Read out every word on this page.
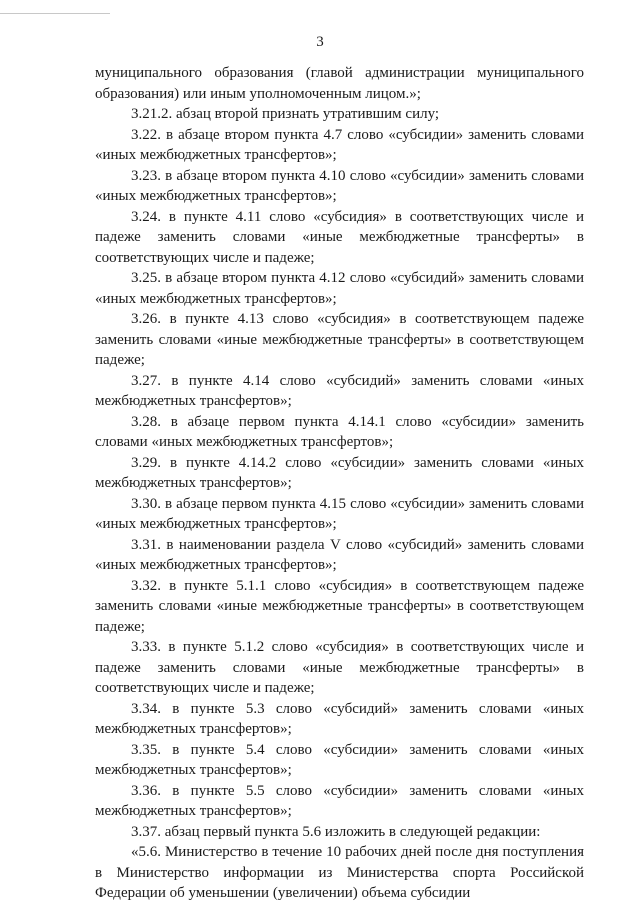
3

муниципального образования (главой администрации муниципального образования) или иным уполномоченным лицом.»;

3.21.2. абзац второй признать утратившим силу;

3.22. в абзаце втором пункта 4.7 слово «субсидии» заменить словами «иных межбюджетных трансфертов»;

3.23. в абзаце втором пункта 4.10 слово «субсидии» заменить словами «иных межбюджетных трансфертов»;

3.24. в пункте 4.11 слово «субсидия» в соответствующих числе и падеже заменить словами «иные межбюджетные трансферты» в соответствующих числе и падеже;

3.25. в абзаце втором пункта 4.12 слово «субсидий» заменить словами «иных межбюджетных трансфертов»;

3.26. в пункте 4.13 слово «субсидия» в соответствующем падеже заменить словами «иные межбюджетные трансферты» в соответствующем падеже;

3.27. в пункте 4.14 слово «субсидий» заменить словами «иных межбюджетных трансфертов»;

3.28. в абзаце первом пункта 4.14.1 слово «субсидии» заменить словами «иных межбюджетных трансфертов»;

3.29. в пункте 4.14.2 слово «субсидии» заменить словами «иных межбюджетных трансфертов»;

3.30. в абзаце первом пункта 4.15 слово «субсидии» заменить словами «иных межбюджетных трансфертов»;

3.31. в наименовании раздела V слово «субсидий» заменить словами «иных межбюджетных трансфертов»;

3.32. в пункте 5.1.1 слово «субсидия» в соответствующем падеже заменить словами «иные межбюджетные трансферты» в соответствующем падеже;

3.33. в пункте 5.1.2 слово «субсидия» в соответствующих числе и падеже заменить словами «иные межбюджетные трансферты» в соответствующих числе и падеже;

3.34. в пункте 5.3 слово «субсидий» заменить словами «иных межбюджетных трансфертов»;

3.35. в пункте 5.4 слово «субсидии» заменить словами «иных межбюджетных трансфертов»;

3.36. в пункте 5.5 слово «субсидии» заменить словами «иных межбюджетных трансфертов»;

3.37. абзац первый пункта 5.6 изложить в следующей редакции:

«5.6. Министерство в течение 10 рабочих дней после дня поступления в Министерство информации из Министерства спорта Российской Федерации об уменьшении (увеличении) объема субсидии
